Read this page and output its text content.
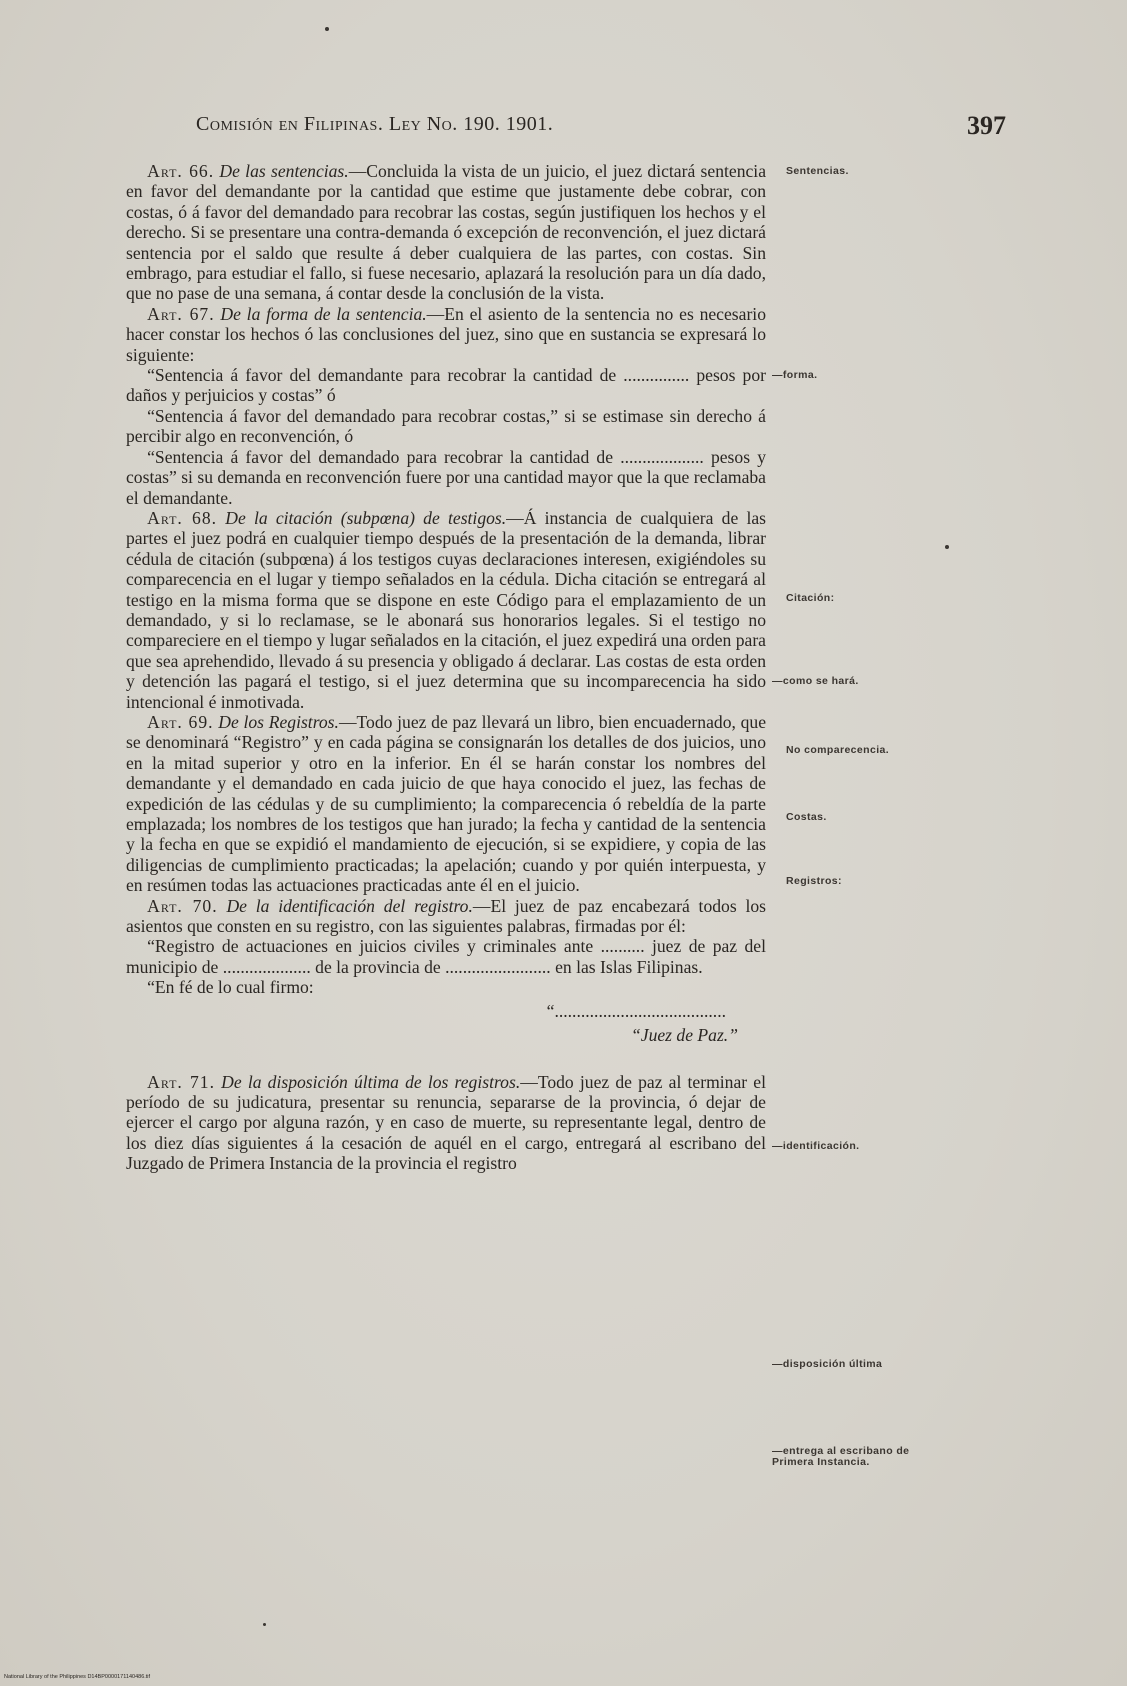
Comisión en Filipinas. Ley No. 190. 1901.	397

Art. 66. De las sentencias.—Concluida la vista de un juicio, el juez dictará sentencia en favor del demandante por la cantidad que estime que justamente debe cobrar, con costas, ó á favor del demandado para recobrar las costas, según justifiquen los hechos y el derecho. Si se presentare una contra-demanda ó excepción de reconvención, el juez dictará sentencia por el saldo que resulte á deber cualquiera de las partes, con costas. Sin embrago, para estudiar el fallo, si fuese necesario, aplazará la resolución para un día dado, que no pase de una semana, á contar desde la conclusión de la vista.

Art. 67. De la forma de la sentencia.—En el asiento de la sentencia no es necesario hacer constar los hechos ó las conclusiones del juez, sino que en sustancia se expresará lo siguiente:

“Sentencia á favor del demandante para recobrar la cantidad de ............... pesos por daños y perjuicios y costas” ó

“Sentencia á favor del demandado para recobrar costas,” si se estimase sin derecho á percibir algo en reconvención, ó

“Sentencia á favor del demandado para recobrar la cantidad de ................... pesos y costas” si su demanda en reconvención fuere por una cantidad mayor que la que reclamaba el demandante.

Art. 68. De la citación (subpœna) de testigos.—Á instancia de cualquiera de las partes el juez podrá en cualquier tiempo después de la presentación de la demanda, librar cédula de citación (subpœna) á los testigos cuyas declaraciones interesen, exigiéndoles su comparecencia en el lugar y tiempo señalados en la cédula. Dicha citación se entregará al testigo en la misma forma que se dispone en este Código para el emplazamiento de un demandado, y si lo reclamase, se le abonará sus honorarios legales. Si el testigo no compareciere en el tiempo y lugar señalados en la citación, el juez expedirá una orden para que sea aprehendido, llevado á su presencia y obligado á declarar. Las costas de esta orden y detención las pagará el testigo, si el juez determina que su incomparecencia ha sido intencional é inmotivada.

Art. 69. De los Registros.—Todo juez de paz llevará un libro, bien encuadernado, que se denominará “Registro” y en cada página se consignarán los detalles de dos juicios, uno en la mitad superior y otro en la inferior. En él se harán constar los nombres del demandante y el demandado en cada juicio de que haya conocido el juez, las fechas de expedición de las cédulas y de su cumplimiento; la comparecencia ó rebeldía de la parte emplazada; los nombres de los testigos que han jurado; la fecha y cantidad de la sentencia y la fecha en que se expidió el mandamiento de ejecución, si se expidiere, y copia de las diligencias de cumplimiento practicadas; la apelación; cuando y por quién interpuesta, y en resúmen todas las actuaciones practicadas ante él en el juicio.

Art. 70. De la identificación del registro.—El juez de paz encabezará todos los asientos que consten en su registro, con las siguientes palabras, firmadas por él:

“Registro de actuaciones en juicios civiles y criminales ante .......... juez de paz del municipio de .................... de la provincia de ........................ en las Islas Filipinas.

“En fé de lo cual firmo:

“.......................................

“Juez de Paz.”

Art. 71. De la disposición última de los registros.—Todo juez de paz al terminar el período de su judicatura, presentar su renuncia, separarse de la provincia, ó dejar de ejercer el cargo por alguna razón, y en caso de muerte, su representante legal, dentro de los diez días siguientes á la cesación de aquél en el cargo, entregará al escribano del Juzgado de Primera Instancia de la provincia el registro

Sentencias.
—forma.
Citación:
—como se hará.
No comparecencia.
Costas.
Registros:
—identificación.
—disposición última
—entrega al escribano de Primera Instancia.
National Library of the Philippines D14BP0000171140486.tif
